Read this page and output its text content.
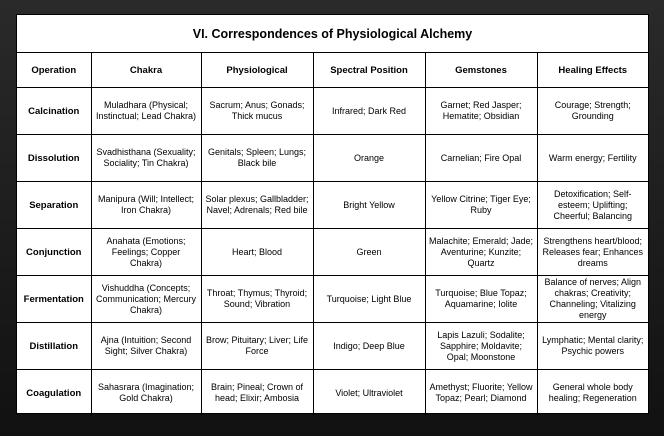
VI. Correspondences of Physiological Alchemy
Operation	Chakra	Physiological	Spectral Position	Gemstones	Healing Effects
Calcination	Muladhara (Physical; Instinctual; Lead Chakra)	Sacrum; Anus; Gonads; Thick mucus	Infrared; Dark Red	Garnet; Red Jasper; Hematite; Obsidian	Courage; Strength; Grounding
Dissolution	Svadhisthana (Sexuality; Sociality; Tin Chakra)	Genitals; Spleen; Lungs; Black bile	Orange	Carnelian; Fire Opal	Warm energy; Fertility
Separation	Manipura (Will; Intellect; Iron Chakra)	Solar plexus; Gallbladder; Navel; Adrenals; Red bile	Bright Yellow	Yellow Citrine; Tiger Eye; Ruby	Detoxification; Self-esteem; Uplifting; Cheerful; Balancing
Conjunction	Anahata (Emotions; Feelings; Copper Chakra)	Heart; Blood	Green	Malachite; Emerald; Jade; Aventurine; Kunzite; Quartz	Strengthens heart/blood; Releases fear; Enhances dreams
Fermentation	Vishuddha (Concepts; Communication; Mercury Chakra)	Throat; Thymus; Thyroid; Sound; Vibration	Turquoise; Light Blue	Turquoise; Blue Topaz; Aquamarine; Iolite	Balance of nerves; Align chakras; Creativity; Channeling; Vitalizing energy
Distillation	Ajna (Intuition; Second Sight; Silver Chakra)	Brow; Pituitary; Liver; Life Force	Indigo; Deep Blue	Lapis Lazuli; Sodalite; Sapphire; Moldavite; Opal; Moonstone	Lymphatic; Mental clarity; Psychic powers
Coagulation	Sahasrara (Imagination; Gold Chakra)	Brain; Pineal; Crown of head; Elixir; Ambosia	Violet; Ultraviolet	Amethyst; Fluorite; Yellow Topaz; Pearl; Diamond	General whole body healing; Regeneration
